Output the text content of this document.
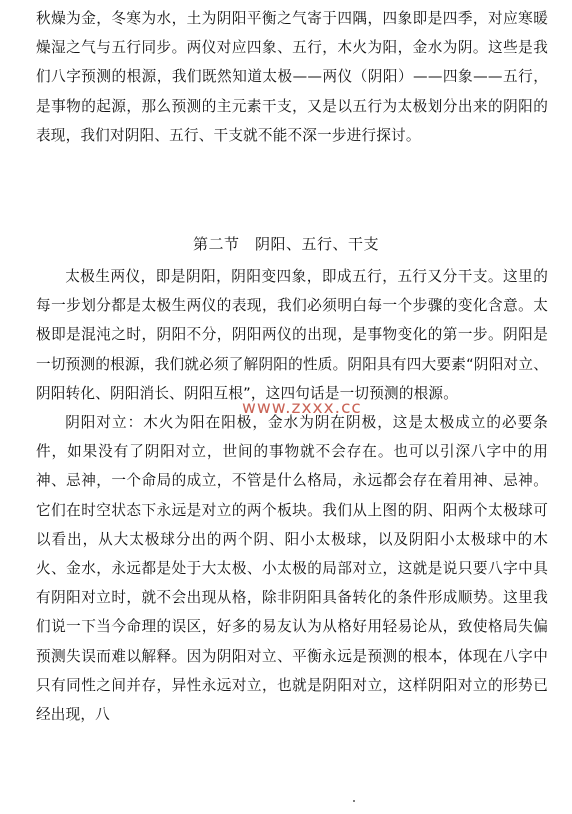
秋燥为金，冬寒为水，土为阴阳平衡之气寄于四隅，四象即是四季，对应寒暖燥湿之气与五行同步。两仪对应四象、五行，木火为阳，金水为阴。这些是我们八字预测的根源，我们既然知道太极——两仪（阴阳）——四象——五行，是事物的起源，那么预测的主元素干支，又是以五行为太极划分出来的阴阳的表现，我们对阴阳、五行、干支就不能不深一步进行探讨。

第二节　阴阳、五行、干支

太极生两仪，即是阴阳，阴阳变四象，即成五行，五行又分干支。这里的每一步划分都是太极生两仪的表现，我们必须明白每一个步骤的变化含意。太极即是混沌之时，阴阳不分，阴阳两仪的出现，是事物变化的第一步。阴阳是一切预测的根源，我们就必须了解阴阳的性质。阴阳具有四大要素“阴阳对立、阴阳转化、阴阳消长、阴阳互根”，这四句话是一切预测的根源。

阴阳对立：木火为阳在阳极，金水为阴在阴极，这是太极成立的必要条件，如果没有了阴阳对立，世间的事物就不会存在。也可以引深八字中的用神、忌神，一个命局的成立，不管是什么格局，永远都会存在着用神、忌神。它们在时空状态下永远是对立的两个板块。我们从上图的阴、阳两个太极球可以看出，从大太极球分出的两个阴、阳小太极球，以及阴阳小太极球中的木火、金水，永远都是处于大太极、小太极的局部对立，这就是说只要八字中具有阴阳对立时，就不会出现从格，除非阴阳具备转化的条件形成顺势。这里我们说一下当今命理的误区，好多的易友认为从格好用轻易论从，致使格局失偏预测失误而难以解释。因为阴阳对立、平衡永远是预测的根本，体现在八字中只有同性之间并存，异性永远对立，也就是阴阳对立，这样阴阳对立的形势已经出现，八

www.zxxx.cc
